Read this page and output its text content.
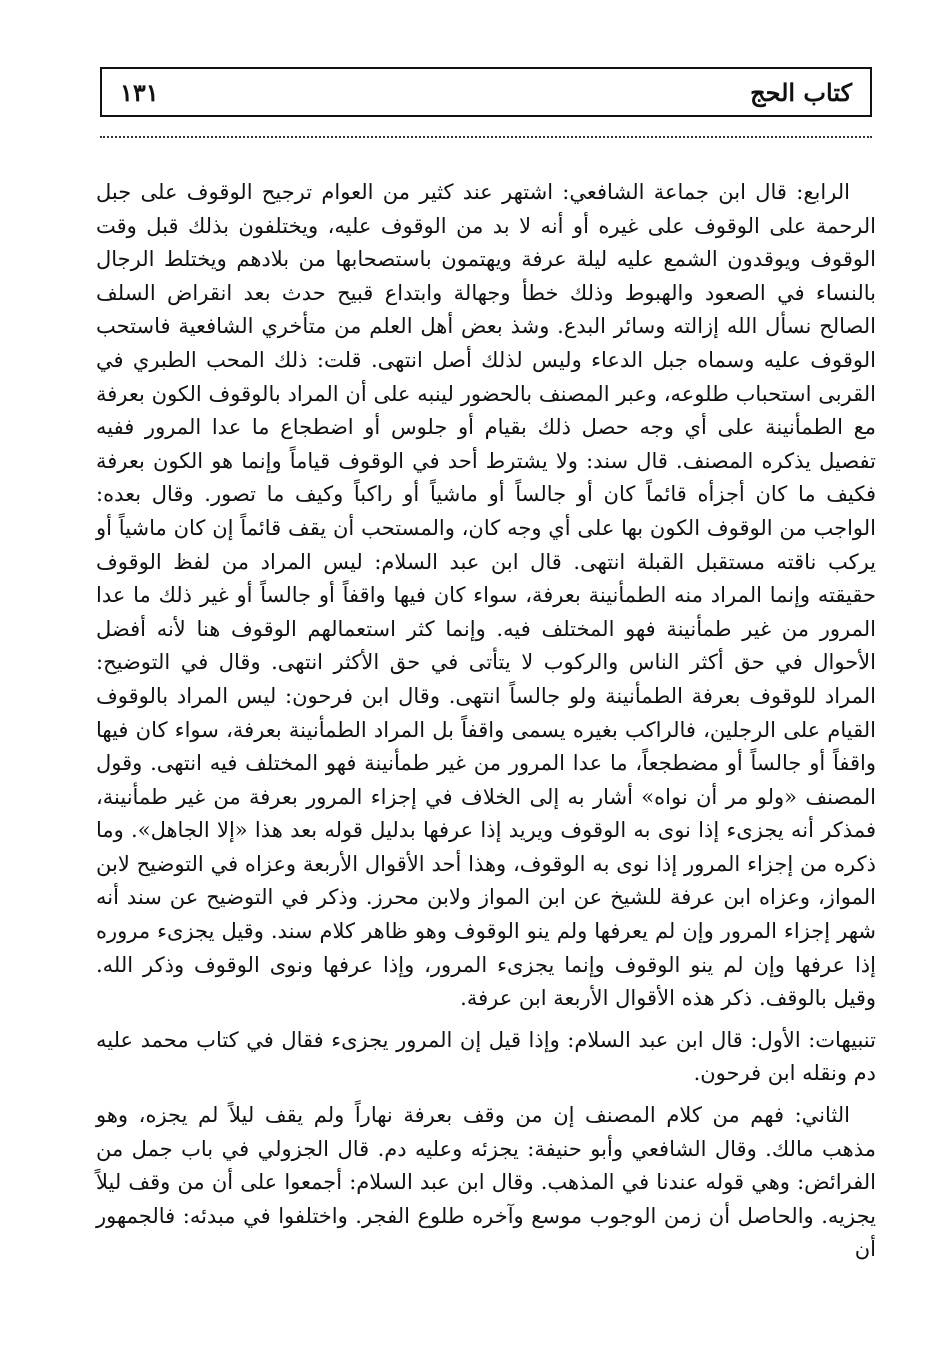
كتاب الحج
١٣١

الرابع: قال ابن جماعة الشافعي: اشتهر عند كثير من العوام ترجيح الوقوف على جبل الرحمة على الوقوف على غيره أو أنه لا بد من الوقوف عليه، ويختلفون بذلك قبل وقت الوقوف ويوقدون الشمع عليه ليلة عرفة ويهتمون باستصحابها من بلادهم ويختلط الرجال بالنساء في الصعود والهبوط وذلك خطأ وجهالة وابتداع قبيح حدث بعد انقراض السلف الصالح نسأل الله إزالته وسائر البدع. وشذ بعض أهل العلم من متأخري الشافعية فاستحب الوقوف عليه وسماه جبل الدعاء وليس لذلك أصل انتهى. قلت: ذلك المحب الطبري في القربى استحباب طلوعه، وعبر المصنف بالحضور لينبه على أن المراد بالوقوف الكون بعرفة مع الطمأنينة على أي وجه حصل ذلك بقيام أو جلوس أو اضطجاع ما عدا المرور ففيه تفصيل يذكره المصنف. قال سند: ولا يشترط أحد في الوقوف قياماً وإنما هو الكون بعرفة فكيف ما كان أجزأه قائماً كان أو جالساً أو ماشياً أو راكباً وكيف ما تصور. وقال بعده: الواجب من الوقوف الكون بها على أي وجه كان، والمستحب أن يقف قائماً إن كان ماشياً أو يركب ناقته مستقبل القبلة انتهى. قال ابن عبد السلام: ليس المراد من لفظ الوقوف حقيقته وإنما المراد منه الطمأنينة بعرفة، سواء كان فيها واقفاً أو جالساً أو غير ذلك ما عدا المرور من غير طمأنينة فهو المختلف فيه. وإنما كثر استعمالهم الوقوف هنا لأنه أفضل الأحوال في حق أكثر الناس والركوب لا يتأتى في حق الأكثر انتهى. وقال في التوضيح: المراد للوقوف بعرفة الطمأنينة ولو جالساً انتهى. وقال ابن فرحون: ليس المراد بالوقوف القيام على الرجلين، فالراكب بغيره يسمى واقفاً بل المراد الطمأنينة بعرفة، سواء كان فيها واقفاً أو جالساً أو مضطجعاً، ما عدا المرور من غير طمأنينة فهو المختلف فيه انتهى. وقول المصنف «ولو مر أن نواه» أشار به إلى الخلاف في إجزاء المرور بعرفة من غير طمأنينة، فمذكر أنه يجزىء إذا نوى به الوقوف ويريد إذا عرفها بدليل قوله بعد هذا «إلا الجاهل». وما ذكره من إجزاء المرور إذا نوى به الوقوف، وهذا أحد الأقوال الأربعة وعزاه في التوضيح لابن المواز، وعزاه ابن عرفة للشيخ عن ابن المواز ولابن محرز. وذكر في التوضيح عن سند أنه شهر إجزاء المرور وإن لم يعرفها ولم ينو الوقوف وهو ظاهر كلام سند. وقيل يجزىء مروره إذا عرفها وإن لم ينو الوقوف وإنما يجزىء المرور، وإذا عرفها ونوى الوقوف وذكر الله. وقيل بالوقف. ذكر هذه الأقوال الأربعة ابن عرفة.

تنبيهات: الأول: قال ابن عبد السلام: وإذا قيل إن المرور يجزىء فقال في كتاب محمد عليه دم ونقله ابن فرحون.

الثاني: فهم من كلام المصنف إن من وقف بعرفة نهاراً ولم يقف ليلاً لم يجزه، وهو مذهب مالك. وقال الشافعي وأبو حنيفة: يجزئه وعليه دم. قال الجزولي في باب جمل من الفرائض: وهي قوله عندنا في المذهب. وقال ابن عبد السلام: أجمعوا على أن من وقف ليلاً يجزيه. والحاصل أن زمن الوجوب موسع وآخره طلوع الفجر. واختلفوا في مبدئه: فالجمهور أن
